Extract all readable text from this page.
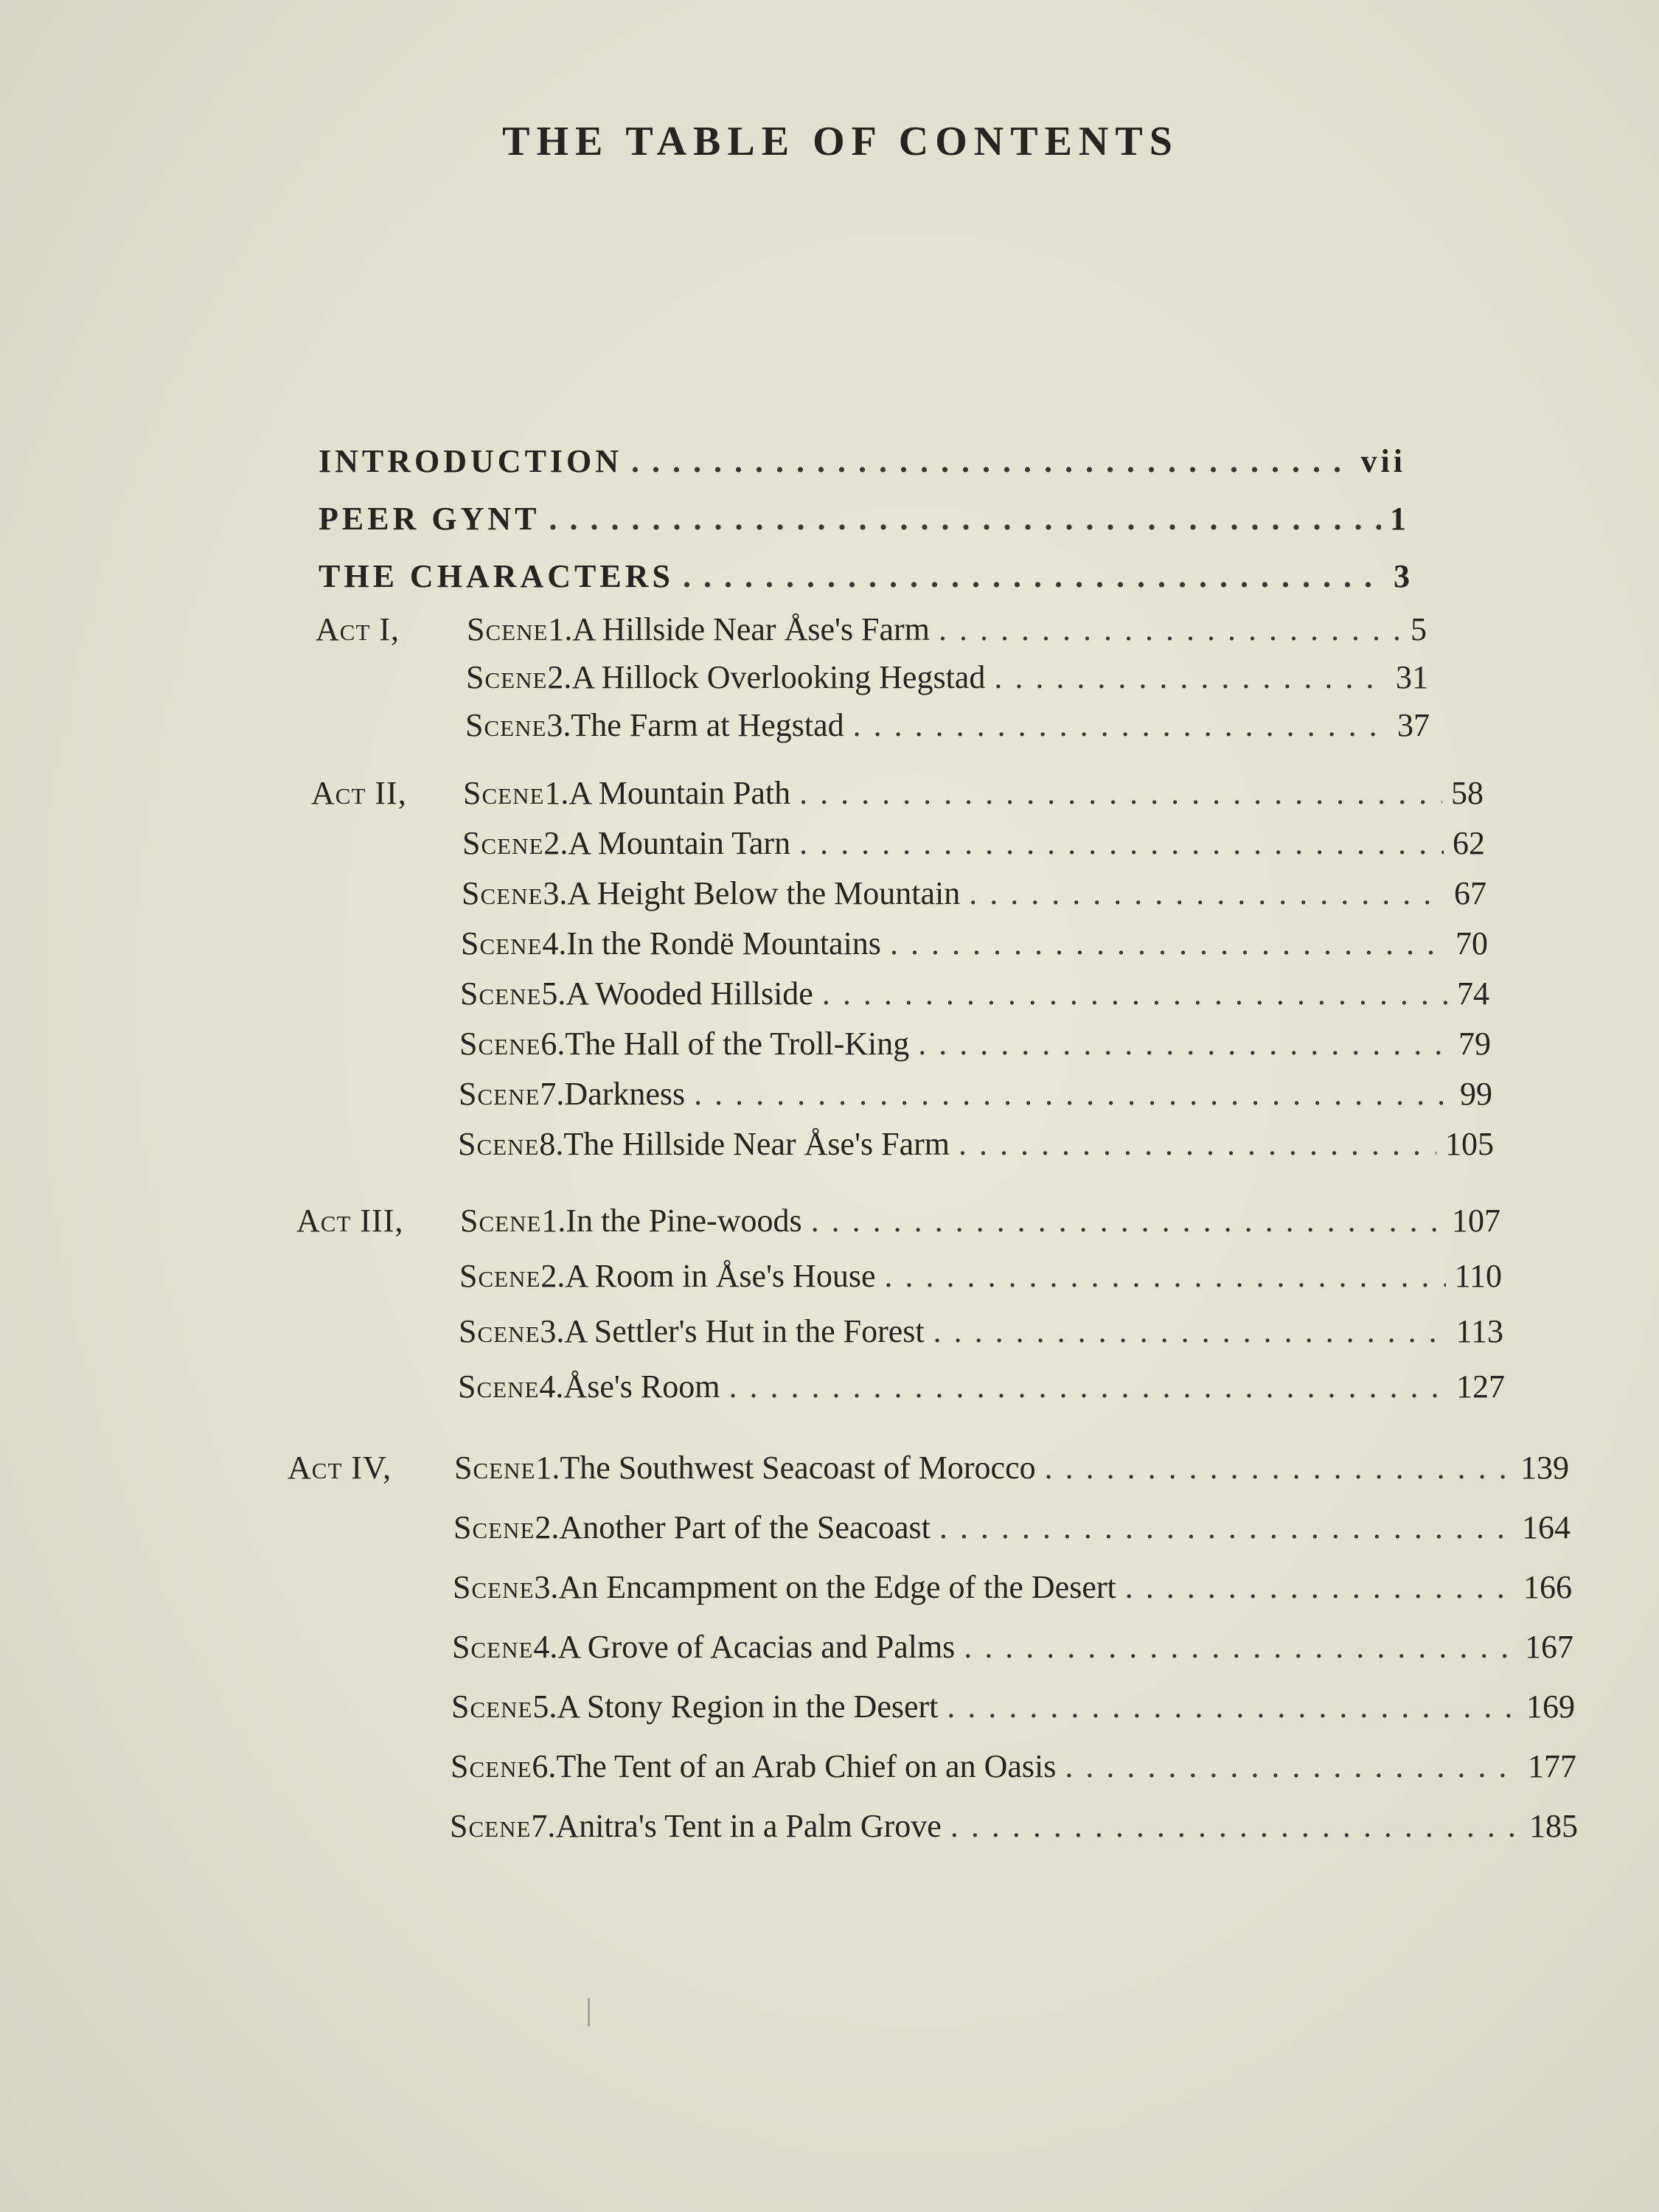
THE TABLE OF CONTENTS
INTRODUCTION . . .	vii
PEER GYNT . . .	1
THE CHARACTERS . . .	3
Act I, Scene 1. A Hillside Near Åse's Farm . . .	5
Scene 2. A Hillock Overlooking Hegstad . . .	31
Scene 3. The Farm at Hegstad . . .	37
Act II, Scene 1. A Mountain Path . . .	58
Scene 2. A Mountain Tarn . . .	62
Scene 3. A Height Below the Mountain . . .	67
Scene 4. In the Rondë Mountains . . .	70
Scene 5. A Wooded Hillside . . .	74
Scene 6. The Hall of the Troll-King . . .	79
Scene 7. Darkness . . .	99
Scene 8. The Hillside Near Åse's Farm . . .	105
Act III, Scene 1. In the Pine-woods . . .	107
Scene 2. A Room in Åse's House . . .	110
Scene 3. A Settler's Hut in the Forest . . .	113
Scene 4. Åse's Room . . .	127
Act IV, Scene 1. The Southwest Seacoast of Morocco . . .	139
Scene 2. Another Part of the Seacoast . . .	164
Scene 3. An Encampment on the Edge of the Desert . . .	166
Scene 4. A Grove of Acacias and Palms . . .	167
Scene 5. A Stony Region in the Desert . . .	169
Scene 6. The Tent of an Arab Chief on an Oasis . . .	177
Scene 7. Anitra's Tent in a Palm Grove . . .	185
